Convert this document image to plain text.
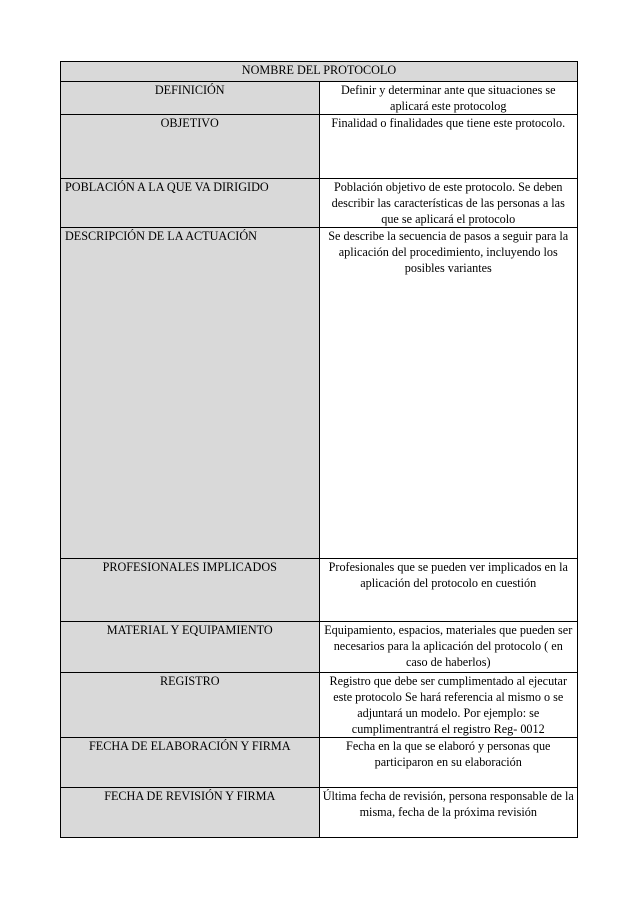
NOMBRE DEL PROTOCOLO	
DEFINICIÓN	Definir y determinar ante que situaciones se aplicará este protocolog
OBJETIVO	Finalidad o finalidades que tiene este protocolo.
POBLACIÓN A LA QUE VA DIRIGIDO	Población objetivo de este protocolo. Se deben describir las características de las personas a las que se aplicará el protocolo
DESCRIPCIÓN DE LA ACTUACIÓN	Se describe la secuencia de pasos a seguir para la aplicación del procedimiento, incluyendo los posibles variantes
PROFESIONALES IMPLICADOS	Profesionales que se pueden ver implicados en la aplicación del protocolo en cuestión
MATERIAL Y EQUIPAMIENTO	Equipamiento, espacios, materiales que pueden ser necesarios para la aplicación del protocolo ( en caso de haberlos)
REGISTRO	Registro que debe ser cumplimentado al ejecutar este protocolo Se hará referencia al mismo o se adjuntará un modelo. Por ejemplo: se cumplimentrantrá el registro Reg- 0012
FECHA DE ELABORACIÓN Y FIRMA	Fecha en la que se elaboró y personas que participaron en su elaboración
FECHA DE REVISIÓN Y FIRMA	Última fecha de revisión, persona responsable de la misma, fecha de la próxima revisión
